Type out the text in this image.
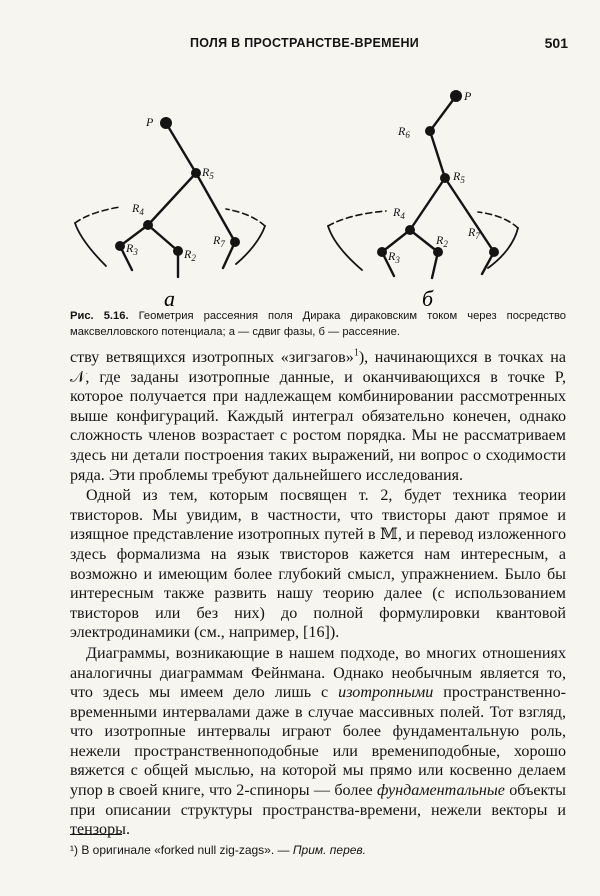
ПОЛЯ В ПРОСТРАНСТВЕ-ВРЕМЕНИ	501
P
$R_5$
$R_4$
$R_3$	$R_2$
$R_7$
a
P
$R_6$
$R_5$
$R_4$
$R_3$
$R_2$
$R_7$
б
Рис. 5.16. Геометрия рассеяния поля Дирака дираковским током через посредство максвелловского потенциала; а — сдвиг фазы, б — рассеяние.

ству ветвящихся изотропных «зигзагов»$^1$), начинающихся в точках на 𝒩, где заданы изотропные данные, и оканчивающихся в точке P, которое получается при надлежащем комбинировании рассмотренных выше конфигураций. Каждый интеграл обязательно конечен, однако сложность членов возрастает с ростом порядка. Мы не рассматриваем здесь ни детали построения таких выражений, ни вопрос о сходимости ряда. Эти проблемы требуют дальнейшего исследования.

Одной из тем, которым посвящен т. 2, будет техника теории твисторов. Мы увидим, в частности, что твисторы дают прямое и изящное представление изотропных путей в 𝕄, и перевод изложенного здесь формализма на язык твисторов кажется нам интересным, а возможно и имеющим более глубокий смысл, упражнением. Было бы интересным также развить нашу теорию далее (с использованием твисторов или без них) до полной формулировки квантовой электродинамики (см., например, [16]).

Диаграммы, возникающие в нашем подходе, во многих отношениях аналогичны диаграммам Фейнмана. Однако необычным является то, что здесь мы имеем дело лишь с изотропными пространственно-временными интервалами даже в случае массивных полей. Тот взгляд, что изотропные интервалы играют более фундаментальную роль, нежели пространственноподобные или времениподобные, хорошо вяжется с общей мыслью, на которой мы прямо или косвенно делаем упор в своей книге, что 2-спиноры — более фундаментальные объекты при описании структуры пространства-времени, нежели векторы и тензоры.

¹) В оригинале «forked null zig-zags». — Прим. перев.
